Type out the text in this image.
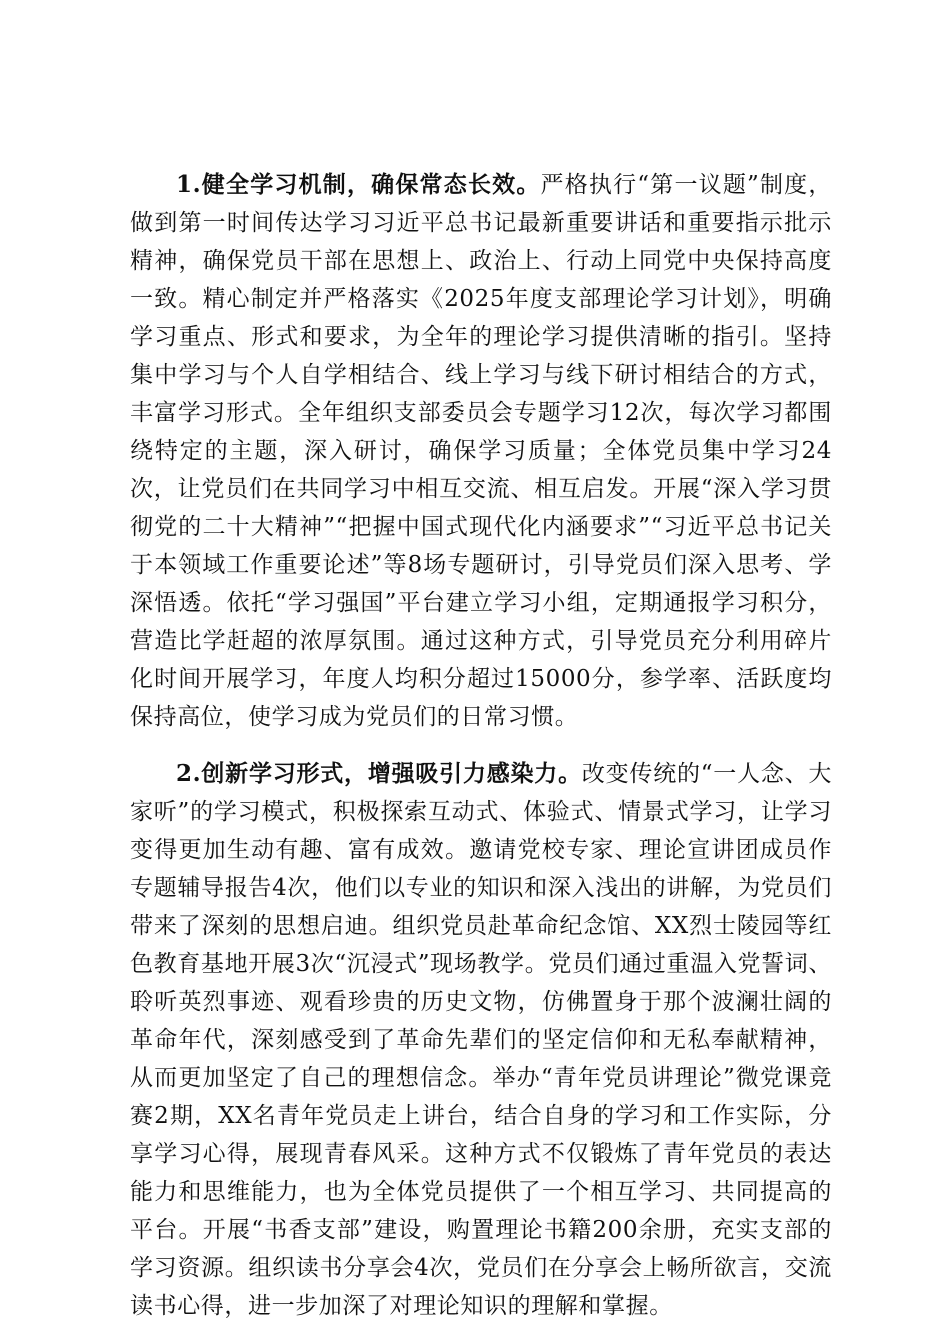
1.健全学习机制，确保常态长效。严格执行“第一议题”制度，做到第一时间传达学习习近平总书记最新重要讲话和重要指示批示精神，确保党员干部在思想上、政治上、行动上同党中央保持高度一致。精心制定并严格落实《2025年度支部理论学习计划》，明确学习重点、形式和要求，为全年的理论学习提供清晰的指引。坚持集中学习与个人自学相结合、线上学习与线下研讨相结合的方式，丰富学习形式。全年组织支部委员会专题学习12次，每次学习都围绕特定的主题，深入研讨，确保学习质量；全体党员集中学习24次，让党员们在共同学习中相互交流、相互启发。开展“深入学习贯彻党的二十大精神”“把握中国式现代化内涵要求”“习近平总书记关于本领域工作重要论述”等8场专题研讨，引导党员们深入思考、学深悟透。依托“学习强国”平台建立学习小组，定期通报学习积分，营造比学赶超的浓厚氛围。通过这种方式，引导党员充分利用碎片化时间开展学习，年度人均积分超过15000分，参学率、活跃度均保持高位，使学习成为党员们的日常习惯。

2.创新学习形式，增强吸引力感染力。改变传统的“一人念、大家听”的学习模式，积极探索互动式、体验式、情景式学习，让学习变得更加生动有趣、富有成效。邀请党校专家、理论宣讲团成员作专题辅导报告4次，他们以专业的知识和深入浅出的讲解，为党员们带来了深刻的思想启迪。组织党员赴革命纪念馆、XX烈士陵园等红色教育基地开展3次“沉浸式”现场教学。党员们通过重温入党誓词、聆听英烈事迹、观看珍贵的历史文物，仿佛置身于那个波澜壮阔的革命年代，深刻感受到了革命先辈们的坚定信仰和无私奉献精神，从而更加坚定了自己的理想信念。举办“青年党员讲理论”微党课竞赛2期，XX名青年党员走上讲台，结合自身的学习和工作实际，分享学习心得，展现青春风采。这种方式不仅锻炼了青年党员的表达能力和思维能力，也为全体党员提供了一个相互学习、共同提高的平台。开展“书香支部”建设，购置理论书籍200余册，充实支部的学习资源。组织读书分享会4次，党员们在分享会上畅所欲言，交流读书心得，进一步加深了对理论知识的理解和掌握。
